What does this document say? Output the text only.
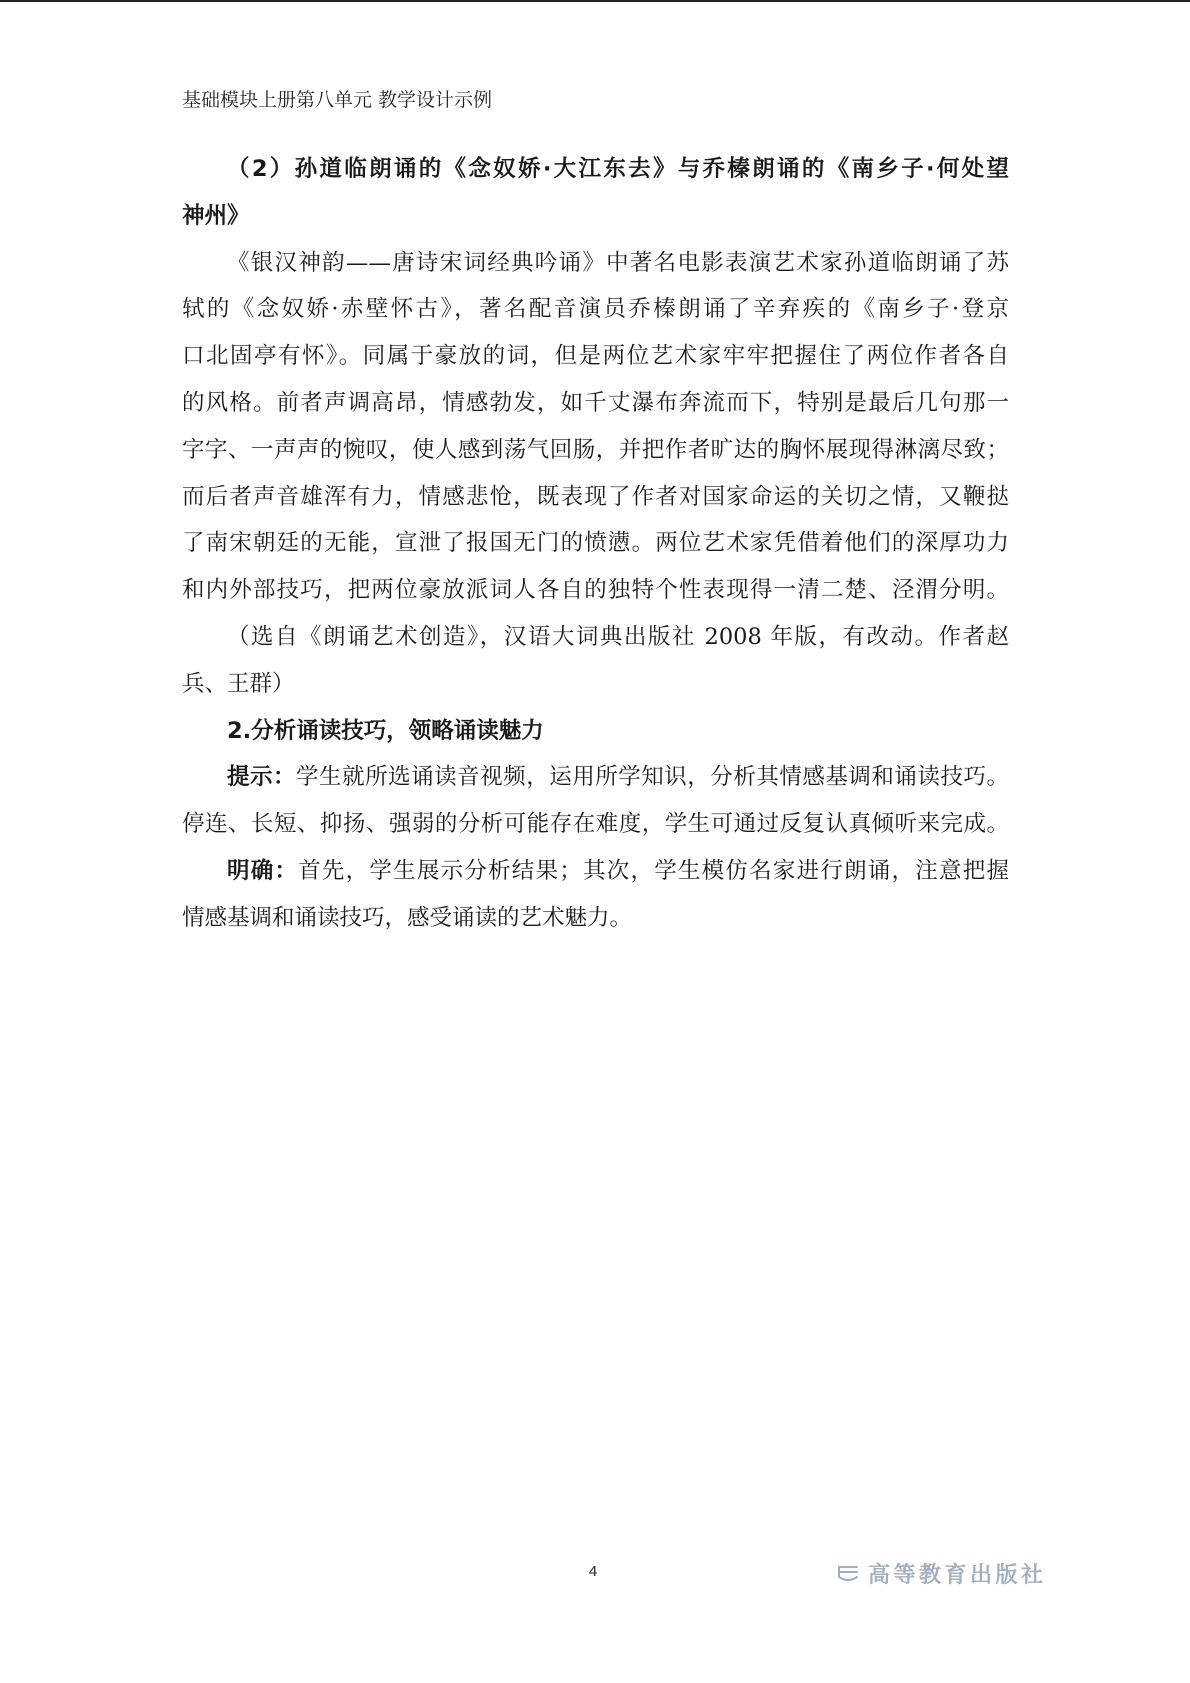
基础模块上册第八单元 教学设计示例
（2）孙道临朗诵的《念奴娇·大江东去》与乔榛朗诵的《南乡子·何处望
神州》
《银汉神韵——唐诗宋词经典吟诵》中著名电影表演艺术家孙道临朗诵了苏
轼的《念奴娇·赤壁怀古》，著名配音演员乔榛朗诵了辛弃疾的《南乡子·登京
口北固亭有怀》。同属于豪放的词，但是两位艺术家牢牢把握住了两位作者各自
的风格。前者声调高昂，情感勃发，如千丈瀑布奔流而下，特别是最后几句那一
字字、一声声的惋叹，使人感到荡气回肠，并把作者旷达的胸怀展现得淋漓尽致；
而后者声音雄浑有力，情感悲怆，既表现了作者对国家命运的关切之情，又鞭挞
了南宋朝廷的无能，宣泄了报国无门的愤懑。两位艺术家凭借着他们的深厚功力
和内外部技巧，把两位豪放派词人各自的独特个性表现得一清二楚、泾渭分明。
（选自《朗诵艺术创造》，汉语大词典出版社 2008 年版，有改动。作者赵
兵、王群）
2.分析诵读技巧，领略诵读魅力
提示：学生就所选诵读音视频，运用所学知识，分析其情感基调和诵读技巧。
停连、长短、抑扬、强弱的分析可能存在难度，学生可通过反复认真倾听来完成。
明确：首先，学生展示分析结果；其次，学生模仿名家进行朗诵，注意把握
情感基调和诵读技巧，感受诵读的艺术魅力。
4	高等教育出版社
